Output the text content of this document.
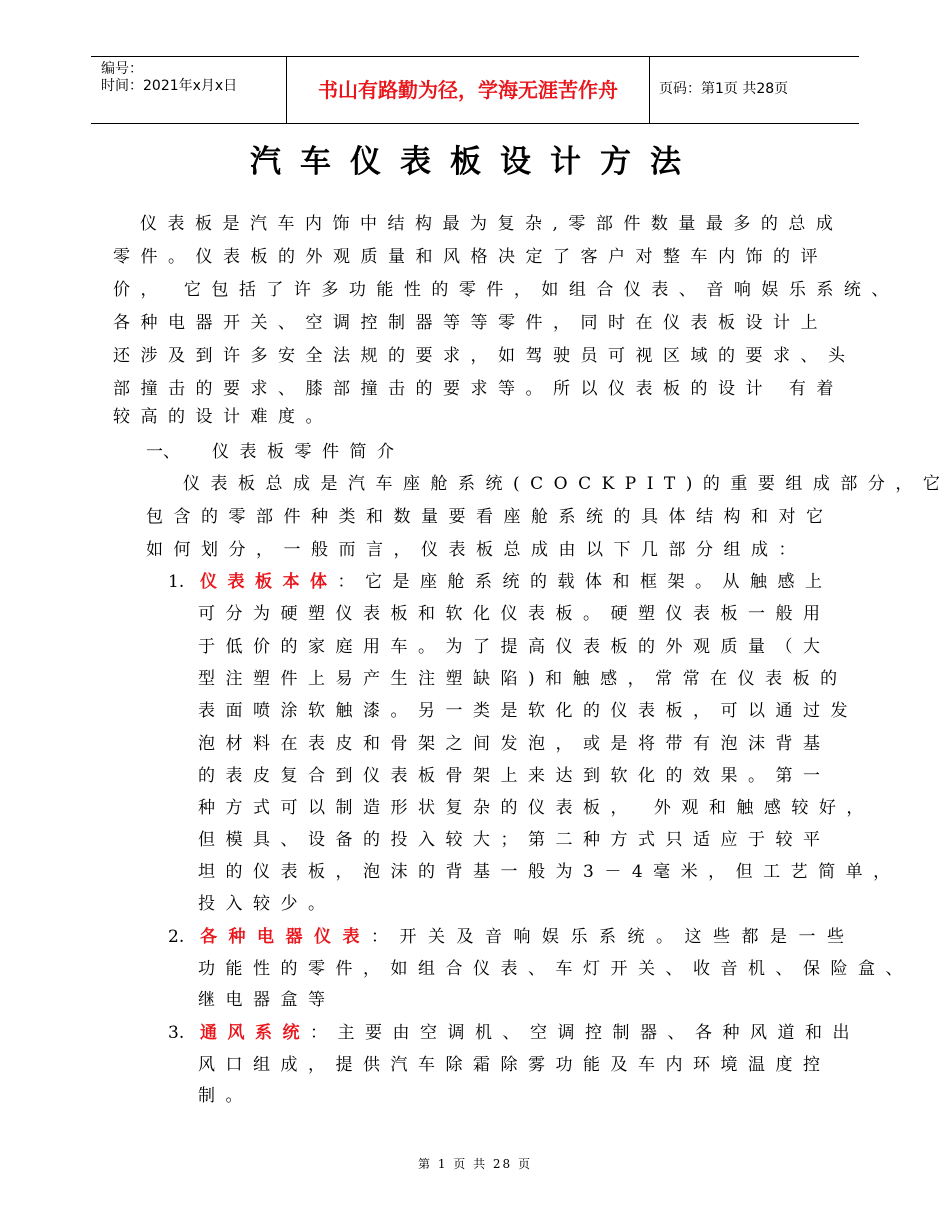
编号：
时间：2021年x月x日	书山有路勤为径，学海无涯苦作舟	页码：第1页 共28页
汽车仪表板设计方法
仪表板是汽车内饰中结构最为复杂,零部件数量最多的总成
零件。仪表板的外观质量和风格决定了客户对整车内饰的评
价， 它包括了许多功能性的零件，如组合仪表、音响娱乐系统、
各种电器开关、空调控制器等等零件，同时在仪表板设计上
还涉及到许多安全法规的要求，如驾驶员可视区域的要求、头
部撞击的要求、膝部撞击的要求等。所以仪表板的设计 有着
较高的设计难度。
一、 仪表板零件简介
仪表板总成是汽车座舱系统(COCKPIT)的重要组成部分，它
包含的零部件种类和数量要看座舱系统的具体结构和对它
如何划分，一般而言，仪表板总成由以下几部分组成：
1. 仪表板本体：它是座舱系统的载体和框架。从触感上
可分为硬塑仪表板和软化仪表板。硬塑仪表板一般用
于低价的家庭用车。为了提高仪表板的外观质量（大
型注塑件上易产生注塑缺陷)和触感，常常在仪表板的
表面喷涂软触漆。另一类是软化的仪表板，可以通过发
泡材料在表皮和骨架之间发泡，或是将带有泡沫背基
的表皮复合到仪表板骨架上来达到软化的效果。第一
种方式可以制造形状复杂的仪表板， 外观和触感较好，
但模具、设备的投入较大；第二种方式只适应于较平
坦的仪表板，泡沫的背基一般为3－4毫米，但工艺简单，
投入较少。
2. 各种电器仪表：开关及音响娱乐系统。这些都是一些
功能性的零件，如组合仪表、车灯开关、收音机、保险盒、
继电器盒等
3. 通风系统：主要由空调机、空调控制器、各种风道和出
风口组成，提供汽车除霜除雾功能及车内环境温度控
制。
第 1 页 共 28 页
